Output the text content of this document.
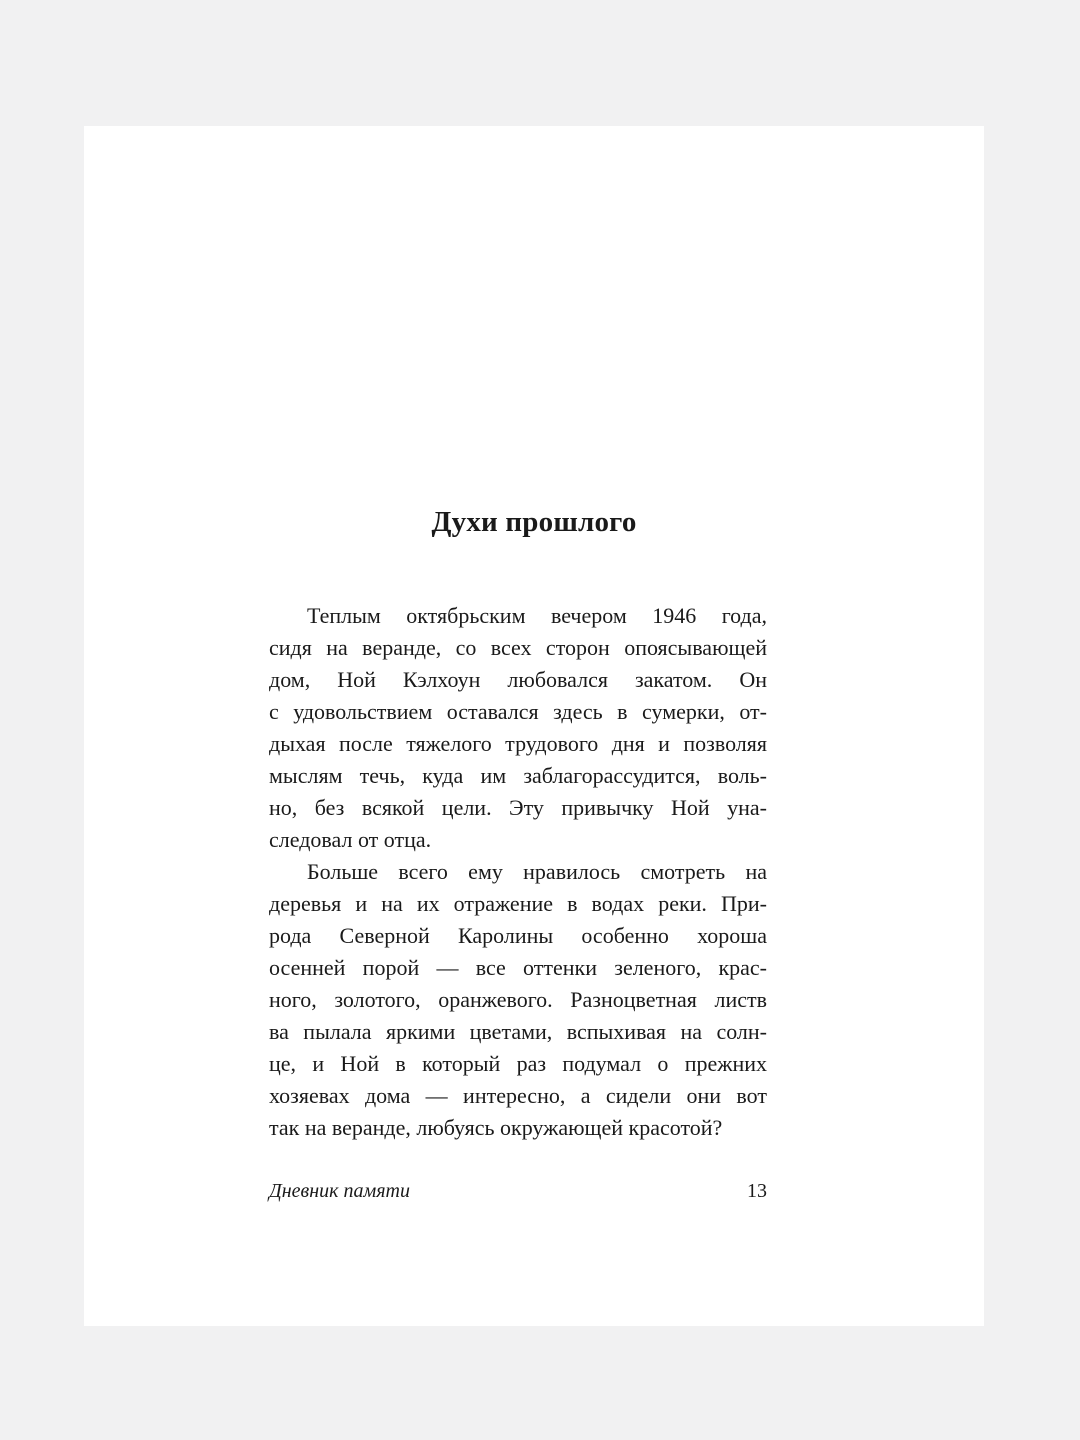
Духи прошлого
Теплым октябрьским вечером 1946 года,
сидя на веранде, со всех сторон опоясывающей
дом, Ной Кэлхоун любовался закатом. Он
с удовольствием оставался здесь в сумерки, от-
дыхая после тяжелого трудового дня и позволяя
мыслям течь, куда им заблагорассудится, воль-
но, без всякой цели. Эту привычку Ной уна-
следовал от отца.
Больше всего ему нравилось смотреть на
деревья и на их отражение в водах реки. При-
рода Северной Каролины особенно хороша
осенней порой — все оттенки зеленого, крас-
ного, золотого, оранжевого. Разноцветная листв
ва пылала яркими цветами, вспыхивая на солн-
це, и Ной в который раз подумал о прежних
хозяевах дома — интересно, а сидели они вот
так на веранде, любуясь окружающей красотой?
Дневник памяти	13
